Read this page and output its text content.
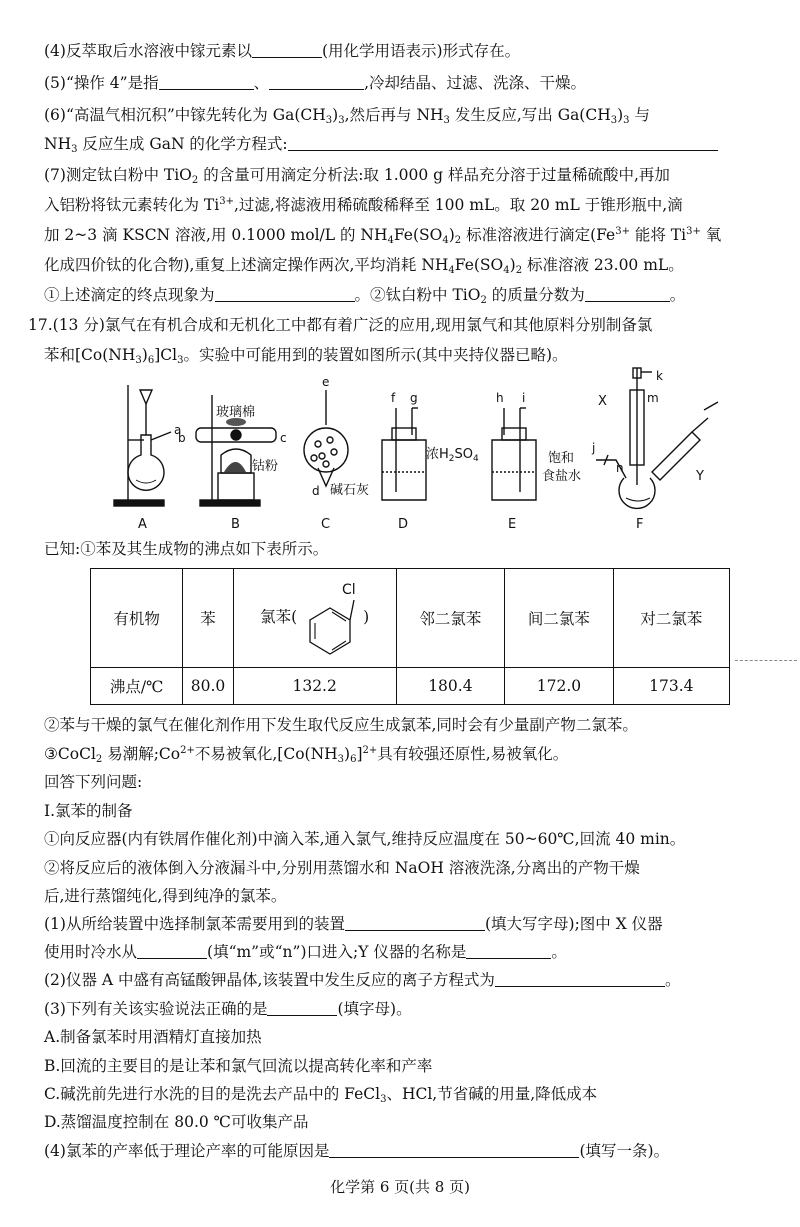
(4)反萃取后水溶液中镓元素以	(用化学用语表示)形式存在。
(5)“操作 4”是指	、	,冷却结晶、过滤、洗涤、干燥。
(6)“高温气相沉积”中镓先转化为 $Ga(CH_3)_3$,然后再与 $NH_3$ 发生反应,写出 $Ga(CH_3)_3$ 与
$NH_3$ 反应生成 GaN 的化学方程式:
(7)测定钛白粉中 TiO$_2$ 的含量可用滴定分析法:取 1.000 g 样品充分溶于过量稀硫酸中,再加
入铝粉将钛元素转化为 $Ti^{3+}$,过滤,将滤液用稀硫酸稀释至 100 mL。取 20 mL 于锥形瓶中,滴
加 2~3 滴 KSCN 溶液,用 0.1000 mol/L 的 $NH_4Fe(SO_4)_2$ 标准溶液进行滴定($Fe^{3+}$ 能将 $Ti^{3+}$ 氧
化成四价钛的化合物),重复上述滴定操作两次,平均消耗 $NH_4Fe(SO_4)_2$ 标准溶液 23.00 mL。
①上述滴定的终点现象为	。②钛白粉中 TiO$_2$ 的质量分数为	。
17.(13 分)氯气在有机合成和无机化工中都有着广泛的应用,现用氯气和其他原料分别制备氯
苯和$[Co(NH_3)_6]Cl_3$。实验中可能用到的装置如图所示(其中夹持仪器已略)。
a
A
b	c
玻璃棉
钴粉
B
e
d 碱石灰
C
f g
浓$H_2SO_4$
D
h i
饱和
食盐水
E
k
X	m
j
n
Y
F
已知:①苯及其生成物的沸点如下表所示。
有机物	苯	氯苯(
Cl
)	邻二氯苯	间二氯苯	对二氯苯
沸点/℃	80.0	132.2	180.4	172.0	173.4
②苯与干燥的氯气在催化剂作用下发生取代反应生成氯苯,同时会有少量副产物二氯苯。
③CoCl$_2$ 易潮解$;Co^{2+}$不易被氧化$,[Co(NH_3)_6]^{2+}$具有较强还原性,易被氧化。
回答下列问题:
Ⅰ.氯苯的制备
①向反应器(内有铁屑作催化剂)中滴入苯,通入氯气,维持反应温度在 50~60℃,回流 40 min。
②将反应后的液体倒入分液漏斗中,分别用蒸馏水和 NaOH 溶液洗涤,分离出的产物干燥
后,进行蒸馏纯化,得到纯净的氯苯。
(1)从所给装置中选择制氯苯需要用到的装置	(填大写字母);图中 X 仪器
使用时冷水从	(填“m”或“n”)口进入;Y 仪器的名称是	。
(2)仪器 A 中盛有高锰酸钾晶体,该装置中发生反应的离子方程式为	。
(3)下列有关该实验说法正确的是	(填字母)。
A.制备氯苯时用酒精灯直接加热
B.回流的主要目的是让苯和氯气回流以提高转化率和产率
C.碱洗前先进行水洗的目的是洗去产品中的 FeCl$_3$、HCl,节省碱的用量,降低成本
D.蒸馏温度控制在 80.0 ℃可收集产品
(4)氯苯的产率低于理论产率的可能原因是	(填写一条)。
化学第 6 页(共 8 页)
